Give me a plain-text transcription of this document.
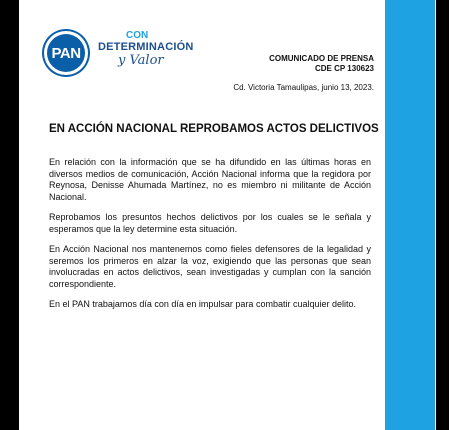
PAN
CON
DETERMINACIÓN
y Valor	COMUNICADO DE PRENSA
CDE CP 130623
Cd. Victoria Tamaulipas, junio 13, 2023.
EN ACCIÓN NACIONAL REPROBAMOS ACTOS DELICTIVOS

En relación con la información que se ha difundido en las últimas horas en diversos medios de comunicación, Acción Nacional informa que la regidora por Reynosa, Denisse Ahumada Martínez, no es miembro ni militante de Acción Nacional.

Reprobamos los presuntos hechos delictivos por los cuales se le señala y esperamos que la ley determine esta situación.

En Acción Nacional nos mantenemos como fieles defensores de la legalidad y seremos los primeros en alzar la voz, exigiendo que las personas que sean involucradas en actos delictivos, sean investigadas y cumplan con la sanción correspondiente.

En el PAN trabajamos día con día en impulsar para combatir cualquier delito.
